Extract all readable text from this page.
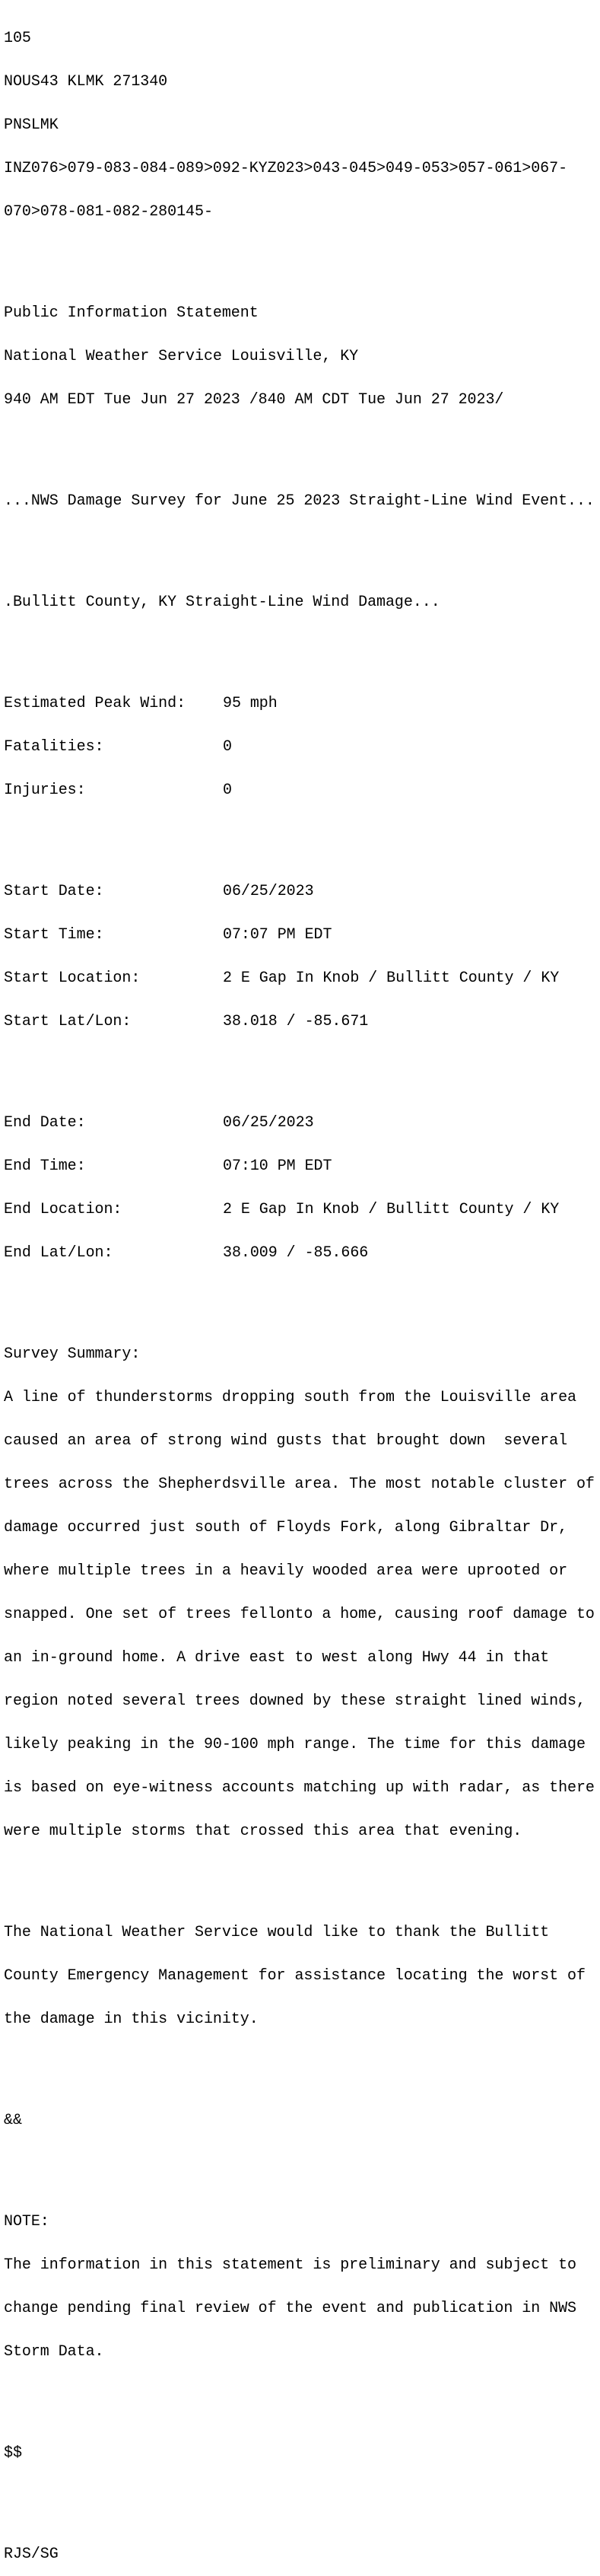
105

NOUS43 KLMK 271340

PNSLMK

INZ076>079-083-084-089>092-KYZ023>043-045>049-053>057-061>067-

070>078-081-082-280145-

Public Information Statement

National Weather Service Louisville, KY

940 AM EDT Tue Jun 27 2023 /840 AM CDT Tue Jun 27 2023/

...NWS Damage Survey for June 25 2023 Straight-Line Wind Event...

.Bullitt County, KY Straight-Line Wind Damage...

Estimated Peak Wind: 95 mph

Fatalities:	0

Injuries:	0

Start Date:	06/25/2023

Start Time:	07:07 PM EDT

Start Location:	2 E Gap In Knob / Bullitt County / KY

Start Lat/Lon:	38.018 / -85.671

End Date:	06/25/2023

End Time:	07:10 PM EDT

End Location:	2 E Gap In Knob / Bullitt County / KY

End Lat/Lon:	38.009 / -85.666

Survey Summary:

A line of thunderstorms dropping south from the Louisville area

caused an area of strong wind gusts that brought down  several

trees across the Shepherdsville area. The most notable cluster of

damage occurred just south of Floyds Fork, along Gibraltar Dr,

where multiple trees in a heavily wooded area were uprooted or

snapped. One set of trees fellonto a home, causing roof damage to

an in-ground home. A drive east to west along Hwy 44 in that

region noted several trees downed by these straight lined winds,

likely peaking in the 90-100 mph range. The time for this damage

is based on eye-witness accounts matching up with radar, as there

were multiple storms that crossed this area that evening.

The National Weather Service would like to thank the Bullitt

County Emergency Management for assistance locating the worst of

the damage in this vicinity.

&&

NOTE:

The information in this statement is preliminary and subject to

change pending final review of the event and publication in NWS

Storm Data.

$$

RJS/SG
